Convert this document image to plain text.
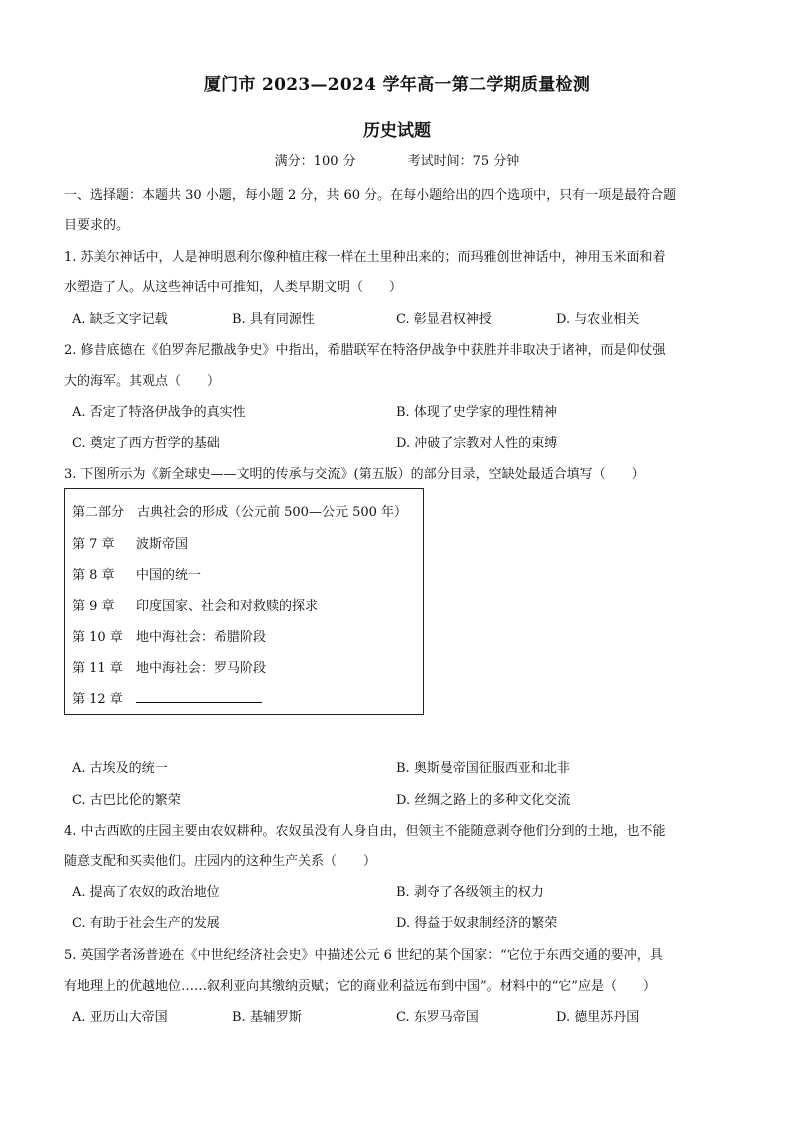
厦门市 2023—2024 学年高一第二学期质量检测
历史试题
满分：100 分	考试时间：75 分钟
一、选择题：本题共 30 小题，每小题 2 分，共 60 分。在每小题给出的四个选项中，只有一项是最符合题
目要求的。
1. 苏美尔神话中，人是神明恩利尔像种植庄稼一样在土里种出来的；而玛雅创世神话中，神用玉米面和着
水塑造了人。从这些神话中可推知，人类早期文明（　　）
A. 缺乏文字记载	B. 具有同源性	C. 彰显君权神授	D. 与农业相关
2. 修昔底德在《伯罗奔尼撒战争史》中指出，希腊联军在特洛伊战争中获胜并非取决于诸神，而是仰仗强
大的海军。其观点（　　）
A. 否定了特洛伊战争的真实性	B. 体现了史学家的理性精神
C. 奠定了西方哲学的基础	D. 冲破了宗教对人性的束缚
3. 下图所示为《新全球史——文明的传承与交流》(第五版）的部分目录，空缺处最适合填写（　　）
第二部分　古典社会的形成（公元前 500—公元 500 年）
第 7 章 波斯帝国
第 8 章 中国的统一
第 9 章 印度国家、社会和对救赎的探求
第 10 章 地中海社会：希腊阶段
第 11 章 地中海社会：罗马阶段
第 12 章
A. 古埃及的统一	B. 奥斯曼帝国征服西亚和北非
C. 古巴比伦的繁荣	D. 丝绸之路上的多种文化交流
4. 中古西欧的庄园主要由农奴耕种。农奴虽没有人身自由，但领主不能随意剥夺他们分到的土地，也不能
随意支配和买卖他们。庄园内的这种生产关系（　　）
A. 提高了农奴的政治地位	B. 剥夺了各级领主的权力
C. 有助于社会生产的发展	D. 得益于奴隶制经济的繁荣
5. 英国学者汤普逊在《中世纪经济社会史》中描述公元 6 世纪的某个国家：“它位于东西交通的要冲，具
有地理上的优越地位……叙利亚向其缴纳贡赋；它的商业利益远布到中国”。材料中的“它”应是（　　）
A. 亚历山大帝国	B. 基辅罗斯	C. 东罗马帝国	D. 德里苏丹国
